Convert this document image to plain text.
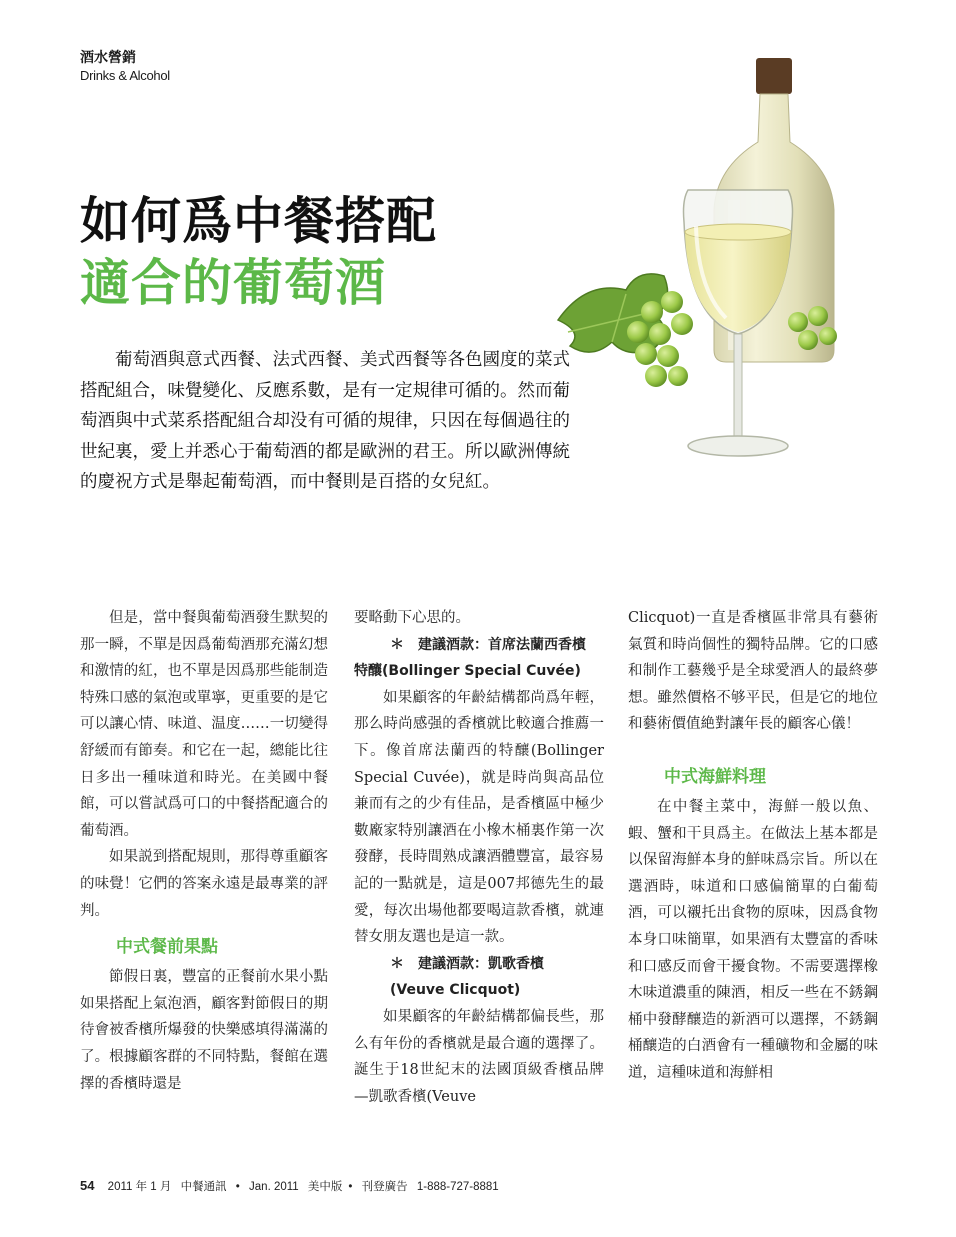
酒水營銷
Drinks & Alcohol
如何爲中餐搭配
適合的葡萄酒
葡萄酒與意式西餐、法式西餐、美式西餐等各色國度的菜式搭配組合，味覺變化、反應系數，是有一定規律可循的。然而葡萄酒與中式菜系搭配組合却没有可循的規律，只因在每個過往的世紀裏，愛上并悉心于葡萄酒的都是歐洲的君王。所以歐洲傳統的慶祝方式是舉起葡萄酒，而中餐則是百搭的女兒紅。

但是，當中餐與葡萄酒發生默契的那一瞬，不單是因爲葡萄酒那充滿幻想和激情的紅，也不單是因爲那些能制造特殊口感的氣泡或單寧，更重要的是它可以讓心情、味道、温度……一切變得舒緩而有節奏。和它在一起，總能比往日多出一種味道和時光。在美國中餐館，可以嘗試爲可口的中餐搭配適合的葡萄酒。

如果説到搭配規則，那得尊重顧客的味覺！它們的答案永遠是最專業的評判。

中式餐前果點

節假日裏，豐富的正餐前水果小點如果搭配上氣泡酒，顧客對節假日的期待會被香檳所爆發的快樂感填得滿滿的了。根據顧客群的不同特點，餐館在選擇的香檳時還是

要略動下心思的。

＊　建議酒款：首席法蘭西香檳
特釀(Bollinger Special Cuvée)

如果顧客的年齡結構都尚爲年輕，那么時尚感强的香檳就比較適合推薦一下。像首席法蘭西的特釀(Bollinger Special Cuvée)，就是時尚與高品位兼而有之的少有佳品，是香檳區中極少數廠家特别讓酒在小橡木桶裏作第一次發酵，長時間熟成讓酒體豐富，最容易記的一點就是，這是007邦德先生的最愛，每次出場他都要喝這款香檳，就連替女朋友選也是這一款。

＊　建議酒款：凱歌香檳
(Veuve Clicquot)

如果顧客的年齡結構都偏長些，那么有年份的香檳就是最合適的選擇了。誕生于18世紀末的法國頂級香檳品牌—凱歌香檳(Veuve

Clicquot)一直是香檳區非常具有藝術氣質和時尚個性的獨特品牌。它的口感和制作工藝幾乎是全球愛酒人的最終夢想。雖然價格不够平民，但是它的地位和藝術價值絶對讓年長的顧客心儀！

中式海鮮料理

在中餐主菜中，海鮮一般以魚、蝦、蟹和干貝爲主。在做法上基本都是以保留海鮮本身的鮮味爲宗旨。所以在選酒時，味道和口感偏簡單的白葡萄酒，可以襯托出食物的原味，因爲食物本身口味簡單，如果酒有太豐富的香味和口感反而會干擾食物。不需要選擇橡木味道濃重的陳酒，相反一些在不銹鋼桶中發酵釀造的新酒可以選擇，不銹鋼桶釀造的白酒會有一種礦物和金屬的味道，這種味道和海鮮相

54 2011 年 1 月 中餐通訊 • Jan. 2011 美中版 • 刊登廣告 1-888-727-8881
